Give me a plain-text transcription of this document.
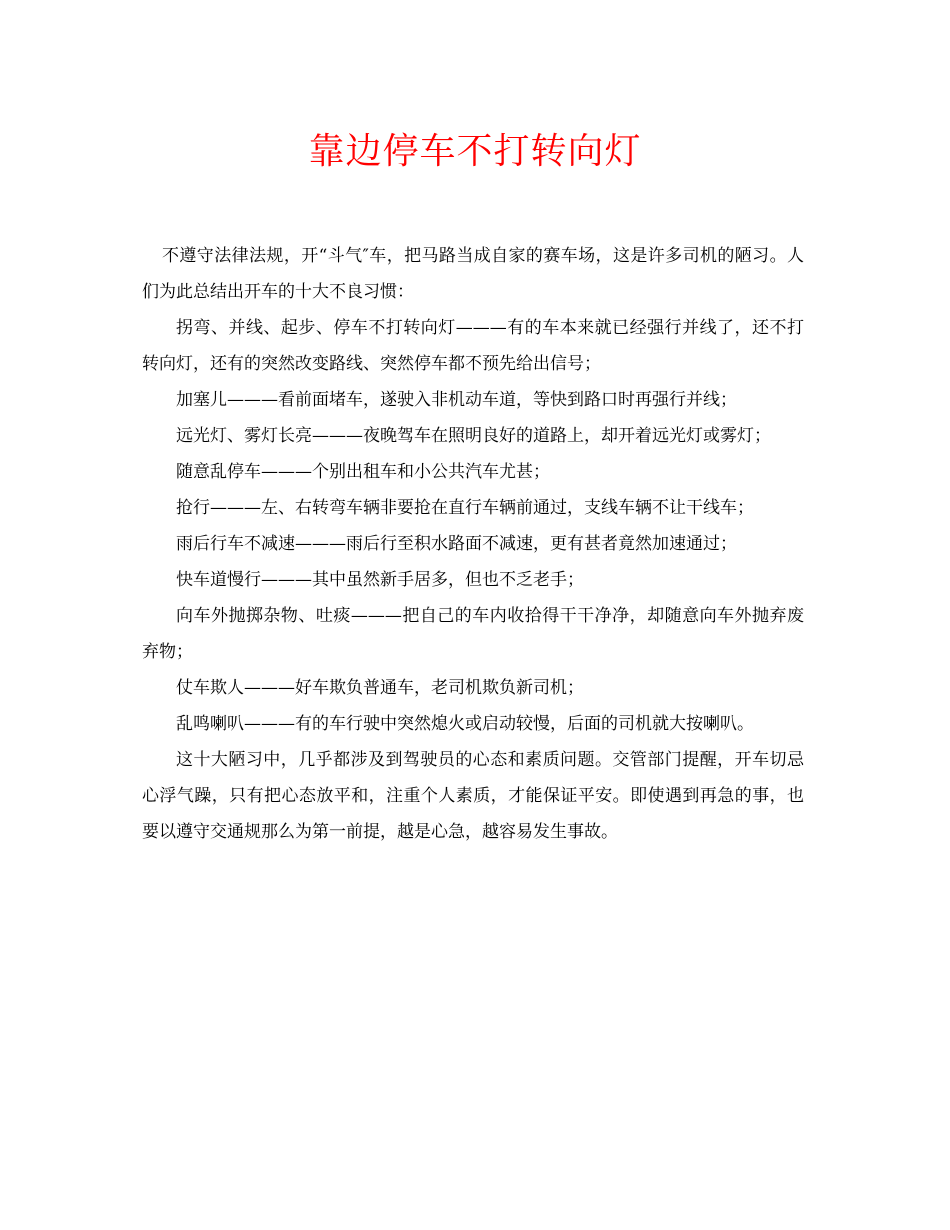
靠边停车不打转向灯

不遵守法律法规，开“斗气″车，把马路当成自家的赛车场，这是许多司机的陋习。人们为此总结出开车的十大不良习惯：

拐弯、并线、起步、停车不打转向灯———有的车本来就已经强行并线了，还不打转向灯，还有的突然改变路线、突然停车都不预先给出信号；

加塞儿———看前面堵车，遂驶入非机动车道，等快到路口时再强行并线；

远光灯、雾灯长亮———夜晚驾车在照明良好的道路上，却开着远光灯或雾灯；

随意乱停车———个别出租车和小公共汽车尤甚；

抢行———左、右转弯车辆非要抢在直行车辆前通过，支线车辆不让干线车；

雨后行车不减速———雨后行至积水路面不减速，更有甚者竟然加速通过；

快车道慢行———其中虽然新手居多，但也不乏老手；

向车外抛掷杂物、吐痰———把自己的车内收拾得干干净净，却随意向车外抛弃废弃物；

仗车欺人———好车欺负普通车，老司机欺负新司机；

乱鸣喇叭———有的车行驶中突然熄火或启动较慢，后面的司机就大按喇叭。

这十大陋习中，几乎都涉及到驾驶员的心态和素质问题。交管部门提醒，开车切忌心浮气躁，只有把心态放平和，注重个人素质，才能保证平安。即使遇到再急的事，也要以遵守交通规那么为第一前提，越是心急，越容易发生事故。
